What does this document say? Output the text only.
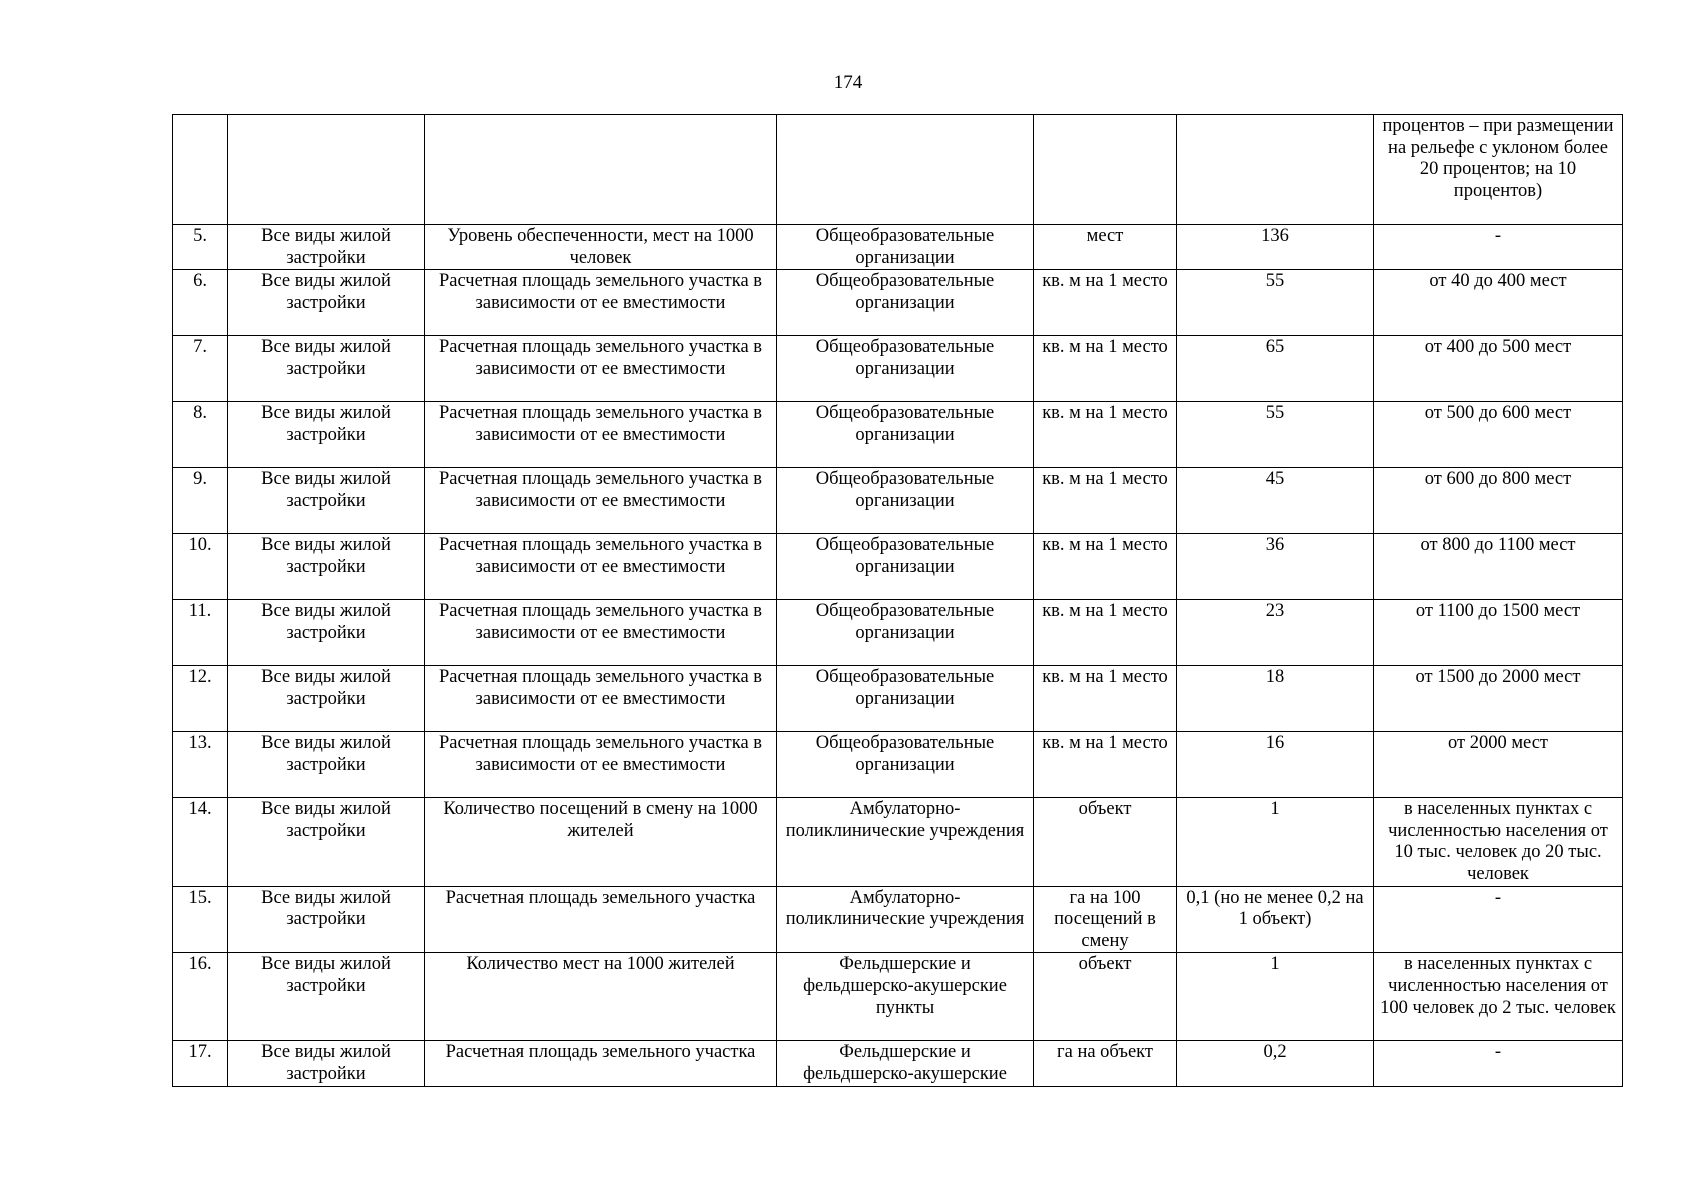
174
						процентов – при размещении на рельефе с уклоном более 20 процентов; на 10 процентов)
5.	Все виды жилой застройки	Уровень обеспеченности, мест на 1000 человек	Общеобразовательные организации	мест	136	-
6.	Все виды жилой застройки	Расчетная площадь земельного участка в зависимости от ее вместимости	Общеобразовательные организации	кв. м на 1 место	55	от 40 до 400 мест
7.	Все виды жилой застройки	Расчетная площадь земельного участка в зависимости от ее вместимости	Общеобразовательные организации	кв. м на 1 место	65	от 400 до 500 мест
8.	Все виды жилой застройки	Расчетная площадь земельного участка в зависимости от ее вместимости	Общеобразовательные организации	кв. м на 1 место	55	от 500 до 600 мест
9.	Все виды жилой застройки	Расчетная площадь земельного участка в зависимости от ее вместимости	Общеобразовательные организации	кв. м на 1 место	45	от 600 до 800 мест
10.	Все виды жилой застройки	Расчетная площадь земельного участка в зависимости от ее вместимости	Общеобразовательные организации	кв. м на 1 место	36	от 800 до 1100 мест
11.	Все виды жилой застройки	Расчетная площадь земельного участка в зависимости от ее вместимости	Общеобразовательные организации	кв. м на 1 место	23	от 1100 до 1500 мест
12.	Все виды жилой застройки	Расчетная площадь земельного участка в зависимости от ее вместимости	Общеобразовательные организации	кв. м на 1 место	18	от 1500 до 2000 мест
13.	Все виды жилой застройки	Расчетная площадь земельного участка в зависимости от ее вместимости	Общеобразовательные организации	кв. м на 1 место	16	от 2000 мест
14.	Все виды жилой застройки	Количество посещений в смену на 1000 жителей	Амбулаторно-поликлинические учреждения	объект	1	в населенных пунктах с численностью населения от 10 тыс. человек до 20 тыс. человек
15.	Все виды жилой застройки	Расчетная площадь земельного участка	Амбулаторно-поликлинические учреждения	га на 100 посещений в смену	0,1 (но не менее 0,2 на 1 объект)	-
16.	Все виды жилой застройки	Количество мест на 1000 жителей	Фельдшерские и фельдшерско-акушерские пункты	объект	1	в населенных пунктах с численностью населения от 100 человек до 2 тыс. человек
17.	Все виды жилой застройки	Расчетная площадь земельного участка	Фельдшерские и фельдшерско-акушерские	га на объект	0,2	-
